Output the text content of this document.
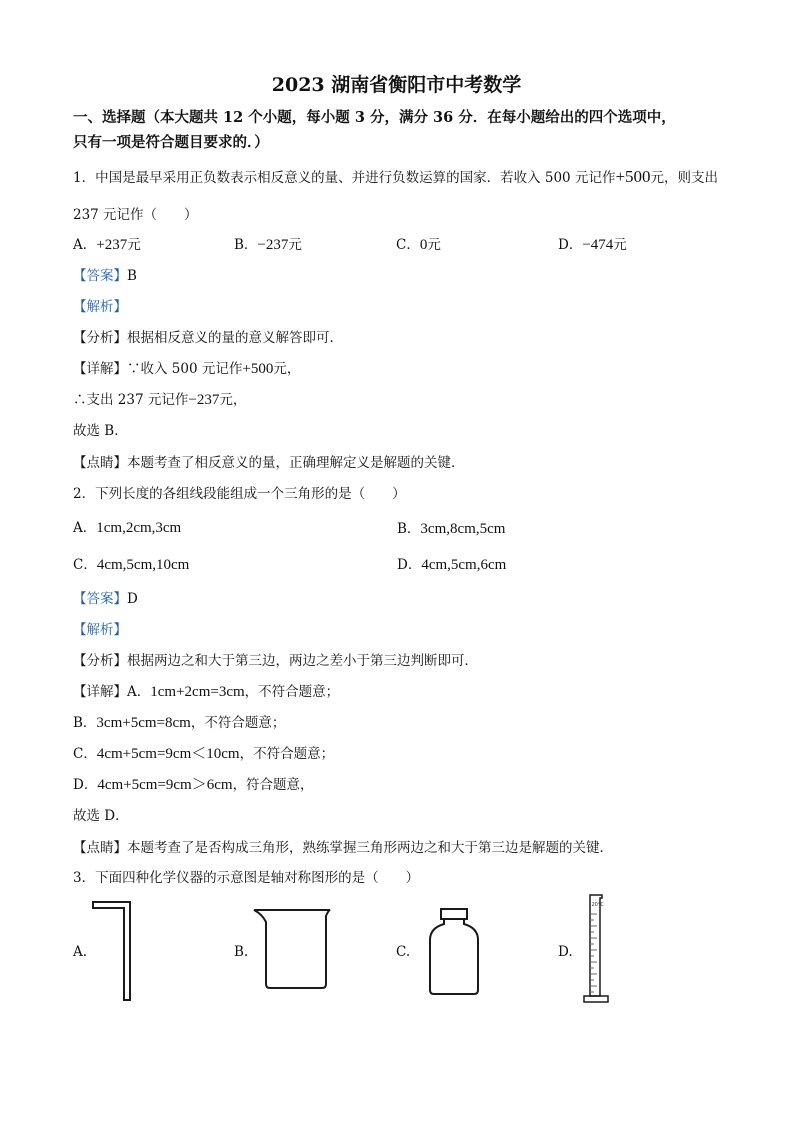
2023 湖南省衡阳市中考数学
一、选择题（本大题共 12 个小题，每小题 3 分，满分 36 分．在每小题给出的四个选项中，
只有一项是符合题目要求的．）
1．中国是最早采用正负数表示相反意义的量、并进行负数运算的国家．若收入 500 元记作+500元，则支出
237 元记作（　　）
A．+237元	B．−237元	C．0元	D．−474元
【答案】B
【解析】
【分析】根据相反意义的量的意义解答即可．
【详解】∵收入 500 元记作+500元，
∴支出 237 元记作−237元，
故选 B．
【点睛】本题考查了相反意义的量，正确理解定义是解题的关键．
2．下列长度的各组线段能组成一个三角形的是（　　）
A．1cm,2cm,3cm	B．3cm,8cm,5cm
C．4cm,5cm,10cm	D．4cm,5cm,6cm
【答案】D
【解析】
【分析】根据两边之和大于第三边，两边之差小于第三边判断即可．
【详解】A．1cm+2cm=3cm，不符合题意；
B．3cm+5cm=8cm，不符合题意；
C．4cm+5cm=9cm＜10cm，不符合题意；
D．4cm+5cm=9cm＞6cm，符合题意，
故选 D．
【点睛】本题考查了是否构成三角形，熟练掌握三角形两边之和大于第三边是解题的关键．
3．下面四种化学仪器的示意图是轴对称图形的是（　　）
A.	B.	C.	D.
20°C
